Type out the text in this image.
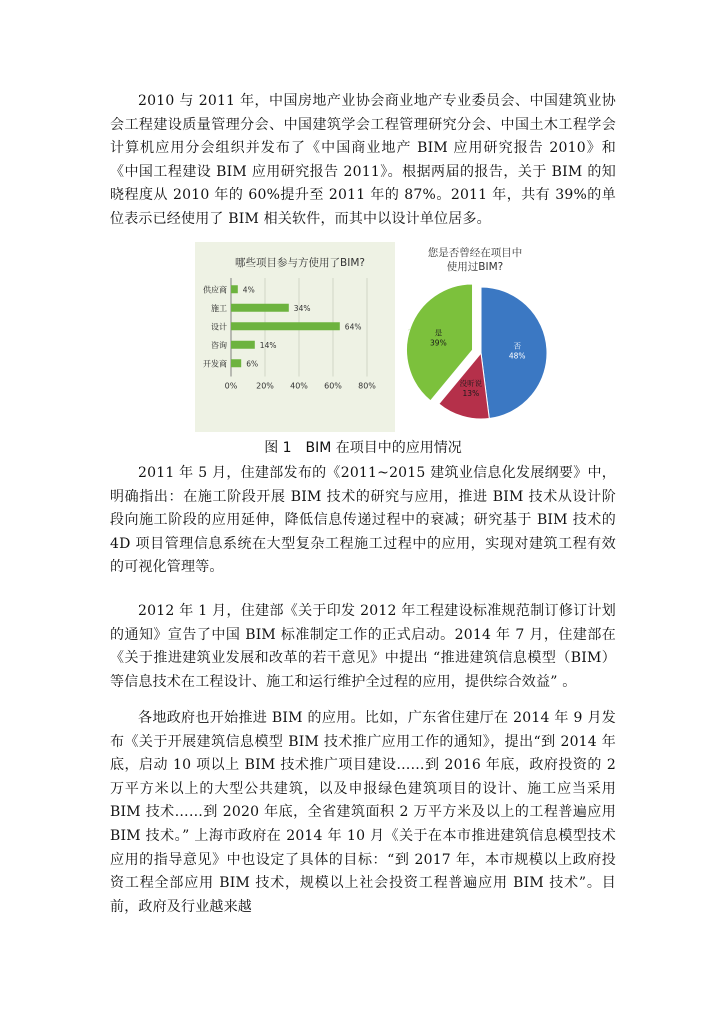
2010 与 2011 年，中国房地产业协会商业地产专业委员会、中国建筑业协会工程建设质量管理分会、中国建筑学会工程管理研究分会、中国土木工程学会计算机应用分会组织并发布了《中国商业地产 BIM 应用研究报告 2010》和《中国工程建设 BIM 应用研究报告 2011》。根据两届的报告，关于 BIM 的知晓程度从 2010 年的 60%提升至 2011 年的 87%。2011 年，共有 39%的单位表示已经使用了 BIM 相关软件，而其中以设计单位居多。

哪些项目参与方使用了BIM?
供应商
施工
设计
咨询
开发商
4%
34%
64%
14%
6%
0% 20% 40% 60% 80%
您是否曾经在项目中
使用过BIM?
否
48%
没听说
13%
是
39%
图 1　BIM 在项目中的应用情况

2011 年 5 月，住建部发布的《2011~2015 建筑业信息化发展纲要》中，明确指出：在施工阶段开展 BIM 技术的研究与应用，推进 BIM 技术从设计阶段向施工阶段的应用延伸，降低信息传递过程中的衰减；研究基于 BIM 技术的 4D 项目管理信息系统在大型复杂工程施工过程中的应用，实现对建筑工程有效的可视化管理等。

2012 年 1 月，住建部《关于印发 2012 年工程建设标准规范制订修订计划的通知》宣告了中国 BIM 标准制定工作的正式启动。2014 年 7 月，住建部在《关于推进建筑业发展和改革的若干意见》中提出 “推进建筑信息模型（BIM）等信息技术在工程设计、施工和运行维护全过程的应用，提供综合效益” 。

各地政府也开始推进 BIM 的应用。比如，广东省住建厅在 2014 年 9 月发布《关于开展建筑信息模型 BIM 技术推广应用工作的通知》，提出“到 2014 年底，启动 10 项以上 BIM 技术推广项目建设……到 2016 年底，政府投资的 2 万平方米以上的大型公共建筑，以及申报绿色建筑项目的设计、施工应当采用 BIM 技术……到 2020 年底，全省建筑面积 2 万平方米及以上的工程普遍应用 BIM 技术。” 上海市政府在 2014 年 10 月《关于在本市推进建筑信息模型技术应用的指导意见》中也设定了具体的目标：“到 2017 年，本市规模以上政府投资工程全部应用 BIM 技术，规模以上社会投资工程普遍应用 BIM 技术”。目前，政府及行业越来越
